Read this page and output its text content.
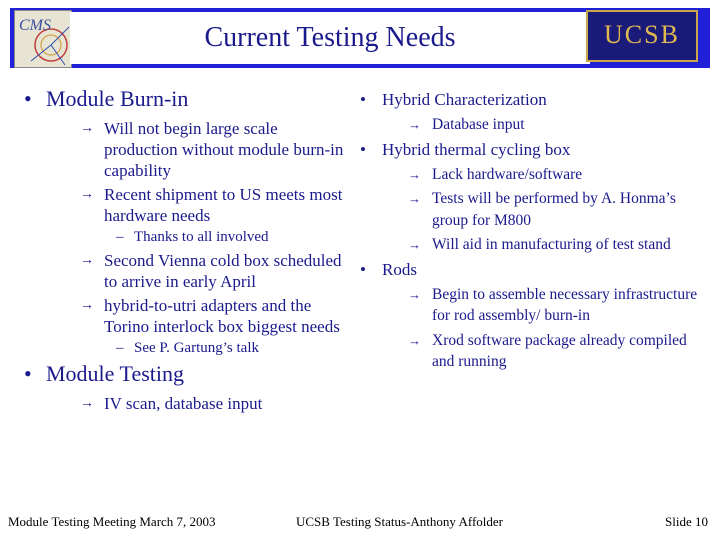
CMS	Current Testing Needs	UCSB
• Module Burn-in
→ Will not begin large scale production without module burn-in capability
→ Recent shipment to US meets most hardware needs
– Thanks to all involved
→ Second Vienna cold box scheduled to arrive in early April
→ hybrid-to-utri adapters and the Torino interlock box biggest needs
– See P. Gartung’s talk
• Module Testing
→ IV scan, database input
• Hybrid Characterization
→ Database input
• Hybrid thermal cycling box
→ Lack hardware/software
→ Tests will be performed by A. Honma’s group for M800
→ Will aid in manufacturing of test stand
• Rods
→ Begin to assemble necessary infrastructure for rod assembly/ burn-in
→ Xrod software package already compiled and running
Module Testing Meeting March 7, 2003	UCSB Testing Status-Anthony Affolder	Slide 10
